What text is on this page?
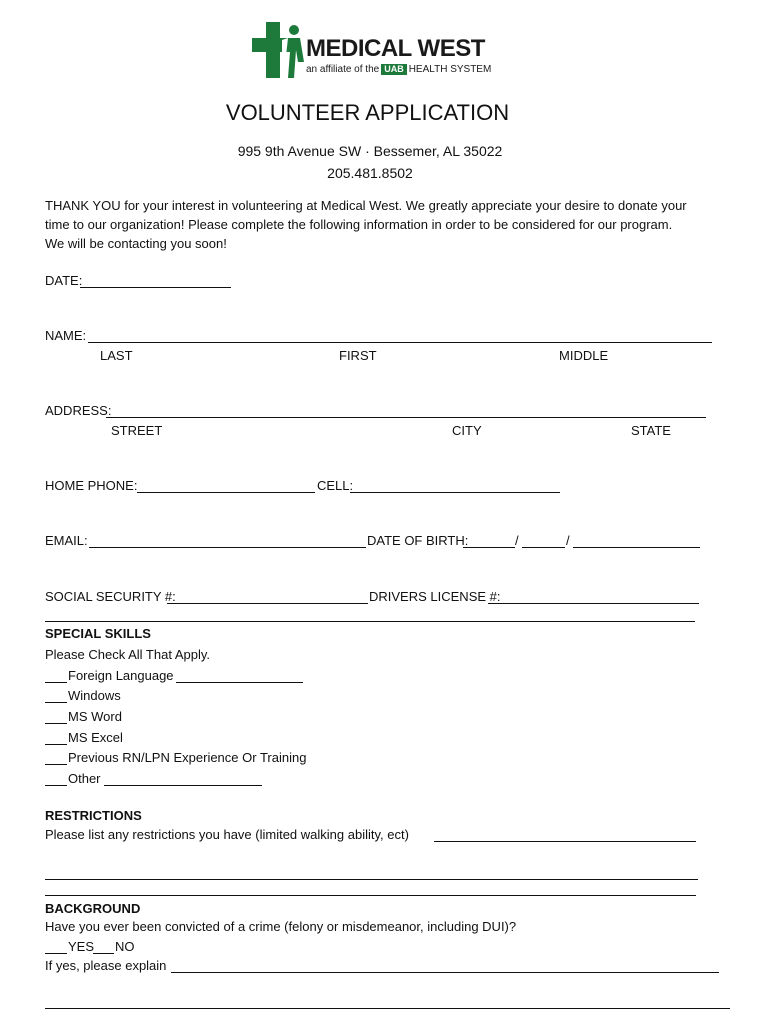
MEDICAL WEST
an affiliate of the UAB HEALTH SYSTEM
VOLUNTEER APPLICATION
995 9th Avenue SW · Bessemer, AL 35022
205.481.8502
THANK YOU for your interest in volunteering at Medical West. We greatly appreciate your desire to donate your
time to our organization! Please complete the following information in order to be considered for our program.
We will be contacting you soon!
DATE:
NAME:
LAST	FIRST	MIDDLE
ADDRESS:
STREET	CITY	STATE
HOME PHONE:	CELL:
EMAIL:	DATE OF BIRTH:	/	/
SOCIAL SECURITY #:	DRIVERS LICENSE #:
SPECIAL SKILLS
Please Check All That Apply.
Foreign Language
Windows
MS Word
MS Excel
Previous RN/LPN Experience Or Training
Other
RESTRICTIONS
Please list any restrictions you have (limited walking ability, ect)
BACKGROUND
Have you ever been convicted of a crime (felony or misdemeanor, including DUI)?
YES NO
If yes, please explain
